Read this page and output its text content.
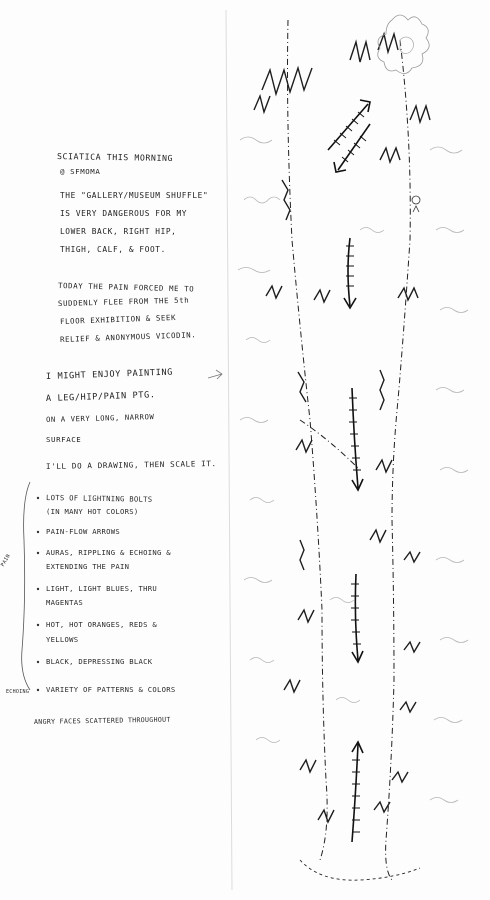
SCIATICA THIS MORNING
@ SFMOMA
THE "GALLERY/MUSEUM SHUFFLE"
IS VERY DANGEROUS FOR MY
LOWER BACK, RIGHT HIP,
THIGH, CALF, & FOOT.
TODAY THE PAIN FORCED ME TO
SUDDENLY FLEE FROM THE 5th
FLOOR EXHIBITION & SEEK
RELIEF & ANONYMOUS VICODIN.
I MIGHT ENJOY PAINTING
A LEG/HIP/PAIN PTG.
ON A VERY LONG, NARROW
SURFACE
I'LL DO A DRAWING, THEN SCALE IT.
LOTS OF LIGHTNING BOLTS
(IN MANY HOT COLORS)
PAIN-FLOW ARROWS
AURAS, RIPPLING & ECHOING &
EXTENDING THE PAIN
LIGHT, LIGHT BLUES, THRU
MAGENTAS
HOT, HOT ORANGES, REDS &
YELLOWS
BLACK, DEPRESSING BLACK
VARIETY OF PATTERNS & COLORS
ANGRY FACES SCATTERED THROUGHOUT
PAIN
ECHOING
